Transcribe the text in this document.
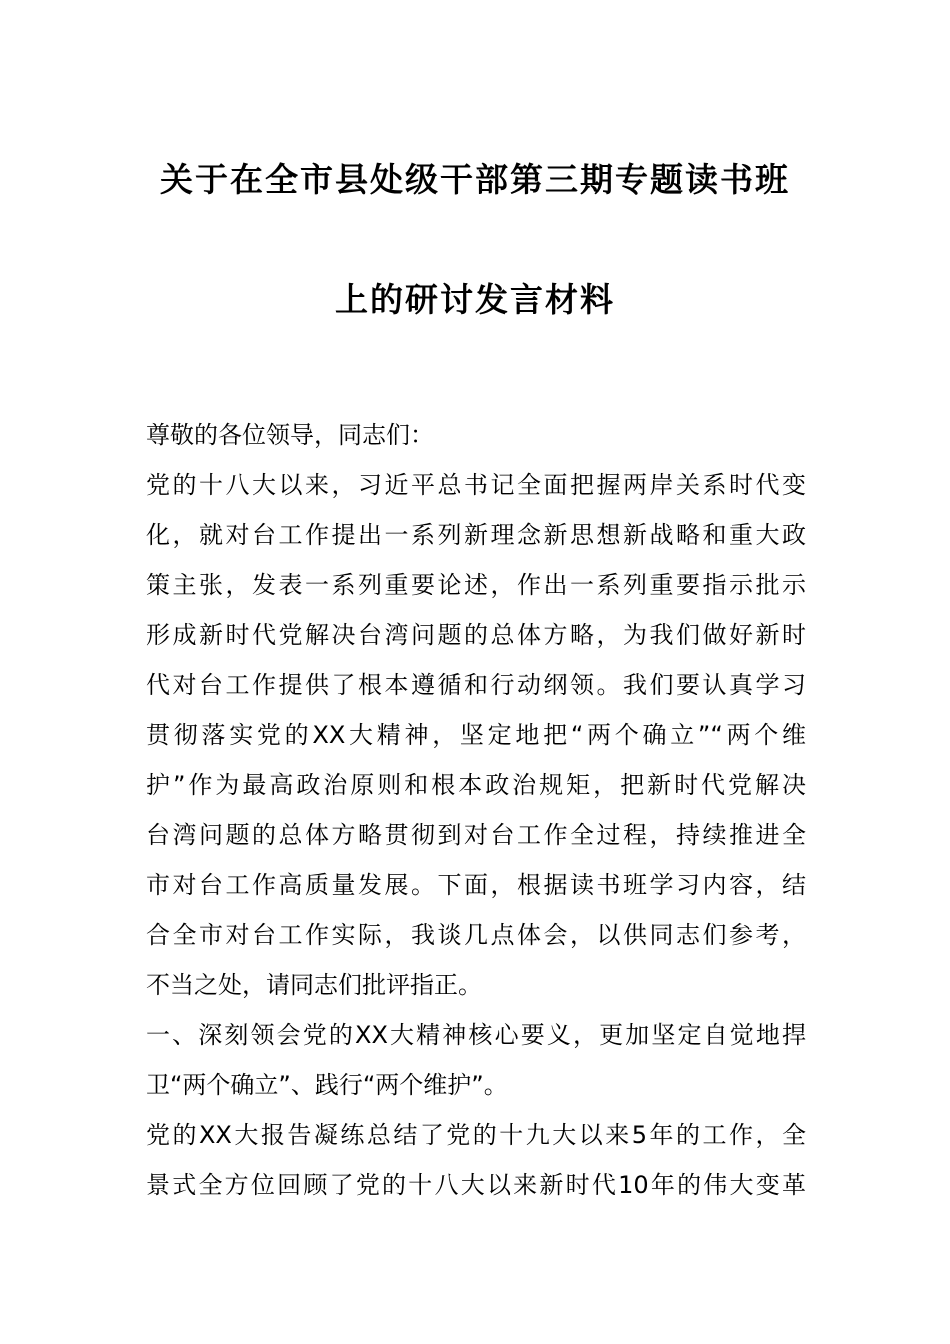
关于在全市县处级干部第三期专题读书班
上的研讨发言材料
尊敬的各位领导，同志们：
党的十八大以来，习近平总书记全面把握两岸关系时代变
化，就对台工作提出一系列新理念新思想新战略和重大政
策主张，发表一系列重要论述，作出一系列重要指示批示
形成新时代党解决台湾问题的总体方略，为我们做好新时
代对台工作提供了根本遵循和行动纲领。我们要认真学习
贯彻落实党的XX大精神，坚定地把“两个确立”“两个维
护”作为最高政治原则和根本政治规矩，把新时代党解决
台湾问题的总体方略贯彻到对台工作全过程，持续推进全
市对台工作高质量发展。下面，根据读书班学习内容，结
合全市对台工作实际，我谈几点体会，以供同志们参考，
不当之处，请同志们批评指正。
一、深刻领会党的XX大精神核心要义，更加坚定自觉地捍
卫“两个确立”、践行“两个维护”。
党的XX大报告凝练总结了党的十九大以来5年的工作，全
景式全方位回顾了党的十八大以来新时代10年的伟大变革
